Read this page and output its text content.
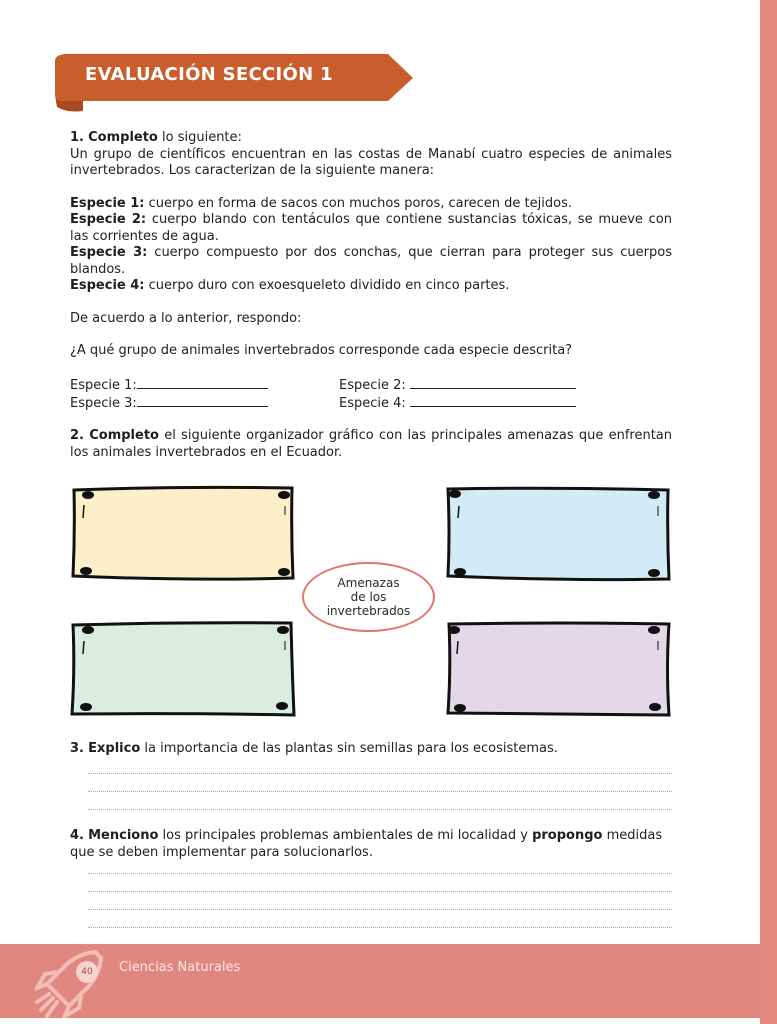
EVALUACIÓN SECCIÓN 1

1. Completo lo siguiente:

Un grupo de científicos encuentran en las costas de Manabí cuatro especies de animales invertebrados. Los caracterizan de la siguiente manera:

Especie 1: cuerpo en forma de sacos con muchos poros, carecen de tejidos.

Especie 2: cuerpo blando con tentáculos que contiene sustancias tóxicas, se mueve con las corrientes de agua.

Especie 3: cuerpo compuesto por dos conchas, que cierran para proteger sus cuerpos blandos.

Especie 4: cuerpo duro con exoesqueleto dividido en cinco partes.

De acuerdo a lo anterior, respondo:

¿A qué grupo de animales invertebrados corresponde cada especie descrita?

Especie 1:	Especie 2:
Especie 3:	Especie 4:

2. Completo el siguiente organizador gráfico con las principales amenazas que enfrentan los animales invertebrados en el Ecuador.

Amenazas
de los
invertebrados

3. Explico la importancia de las plantas sin semillas para los ecosistemas.

4. Menciono los principales problemas ambientales de mi localidad y propongo medidas que se deben implementar para solucionarlos.

40	Ciencias Naturales
